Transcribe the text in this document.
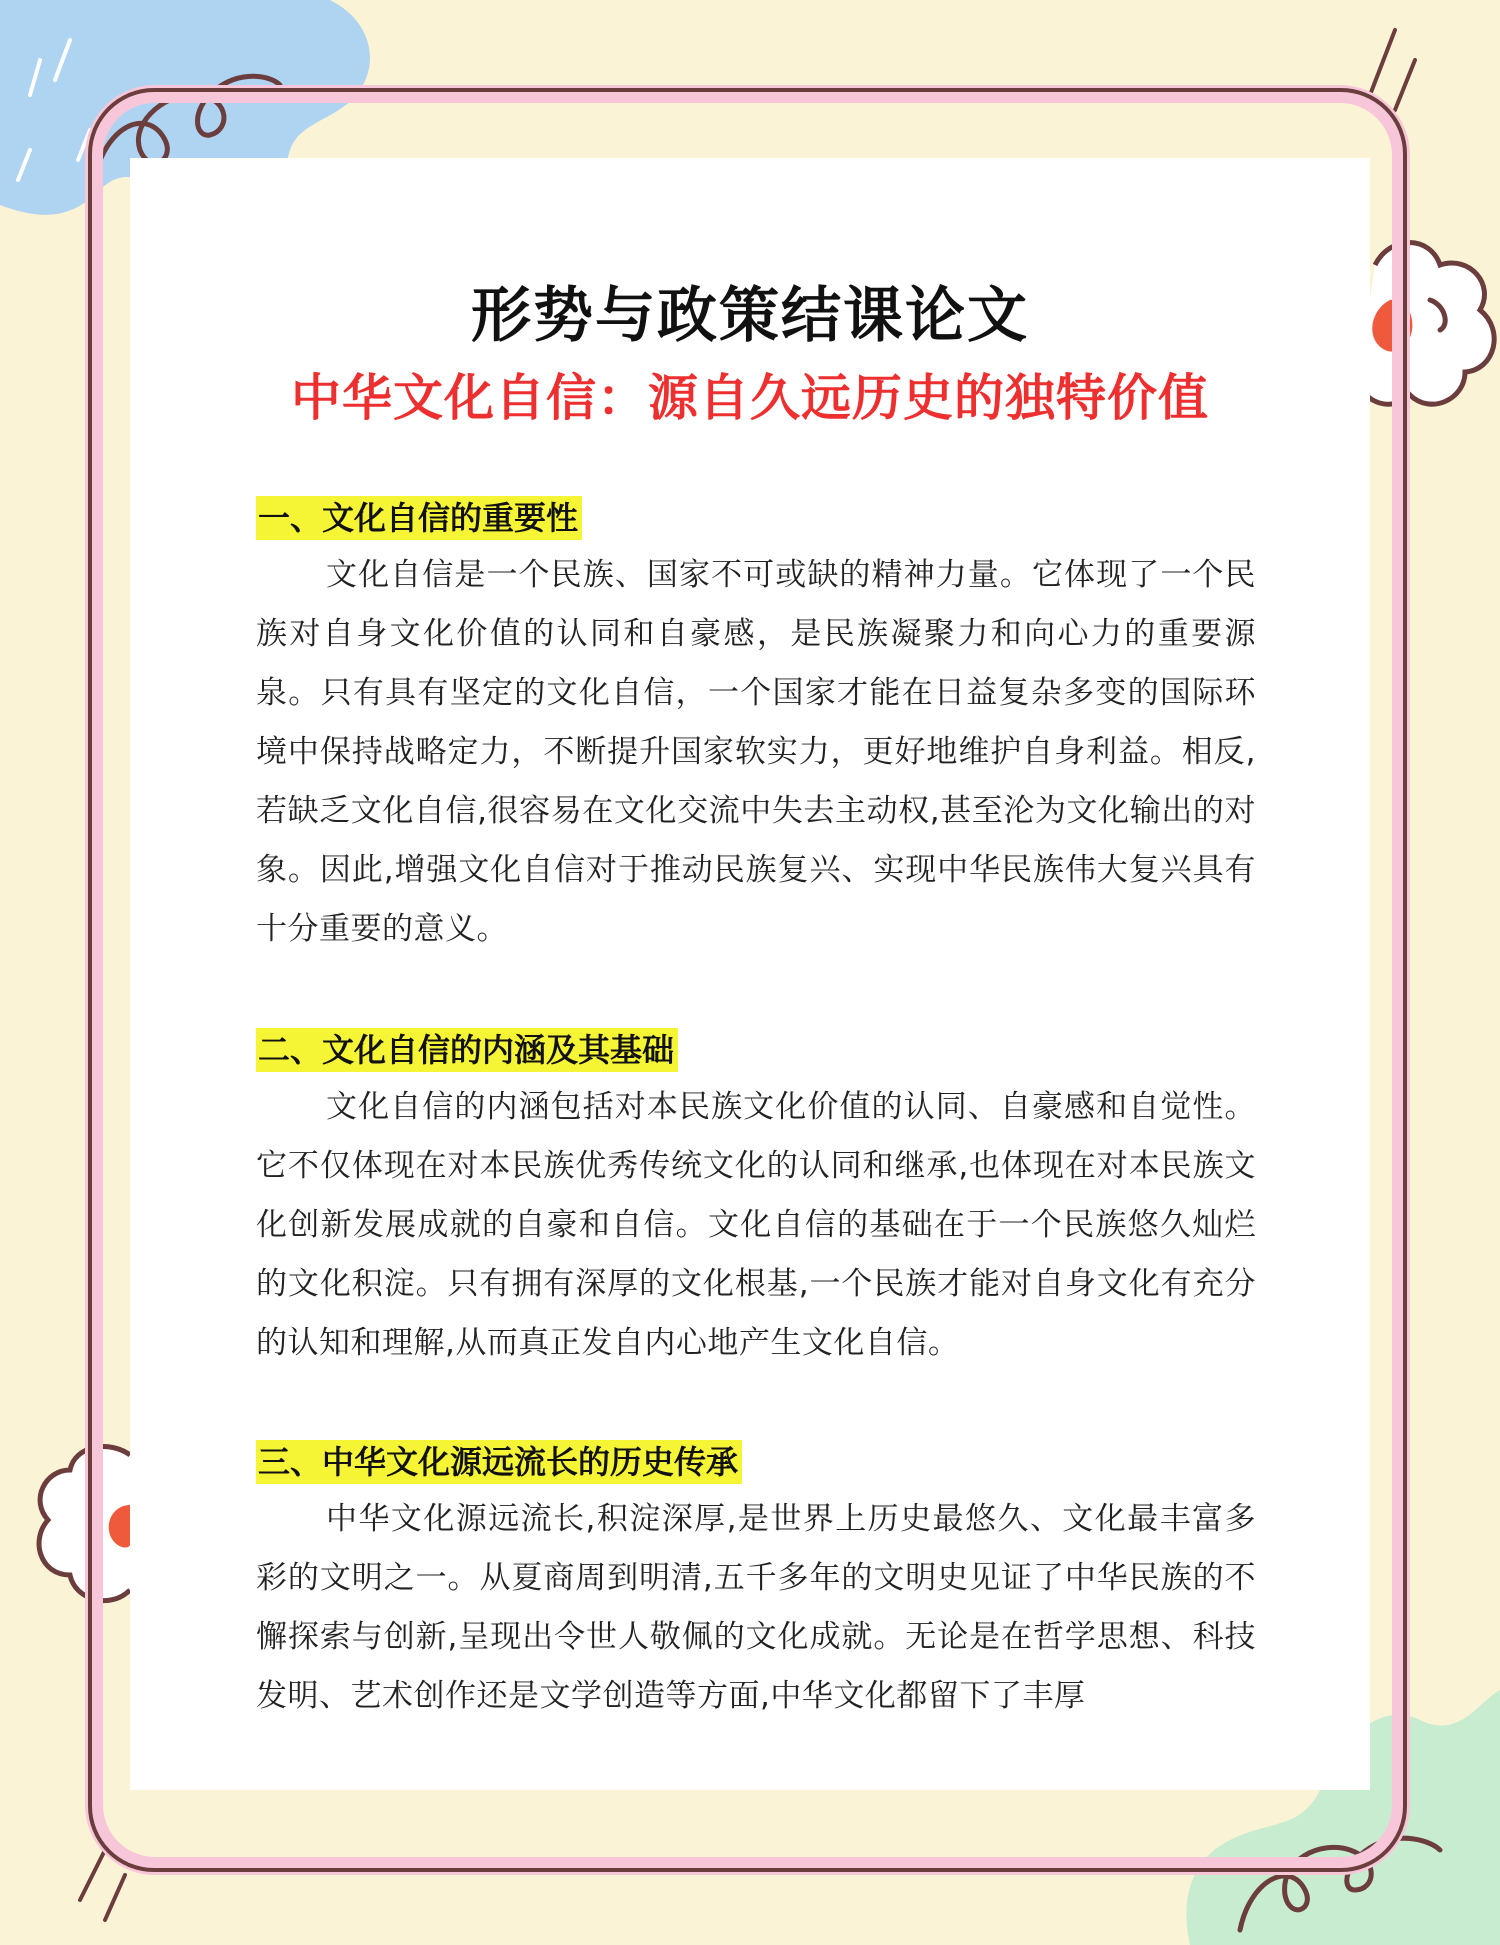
形势与政策结课论文
中华文化自信：源自久远历史的独特价值
一、文化自信的重要性

文化自信是一个民族、国家不可或缺的精神力量。它体现了一个民族对自身文化价值的认同和自豪感，是民族凝聚力和向心力的重要源泉。只有具有坚定的文化自信，一个国家才能在日益复杂多变的国际环境中保持战略定力，不断提升国家软实力，更好地维护自身利益。相反,若缺乏文化自信,很容易在文化交流中失去主动权,甚至沦为文化输出的对象。因此,增强文化自信对于推动民族复兴、实现中华民族伟大复兴具有十分重要的意义。

二、文化自信的内涵及其基础

文化自信的内涵包括对本民族文化价值的认同、自豪感和自觉性。它不仅体现在对本民族优秀传统文化的认同和继承,也体现在对本民族文化创新发展成就的自豪和自信。文化自信的基础在于一个民族悠久灿烂的文化积淀。只有拥有深厚的文化根基,一个民族才能对自身文化有充分的认知和理解,从而真正发自内心地产生文化自信。

三、中华文化源远流长的历史传承

中华文化源远流长,积淀深厚,是世界上历史最悠久、文化最丰富多彩的文明之一。从夏商周到明清,五千多年的文明史见证了中华民族的不懈探索与创新,呈现出令世人敬佩的文化成就。无论是在哲学思想、科技发明、艺术创作还是文学创造等方面,中华文化都留下了丰厚
